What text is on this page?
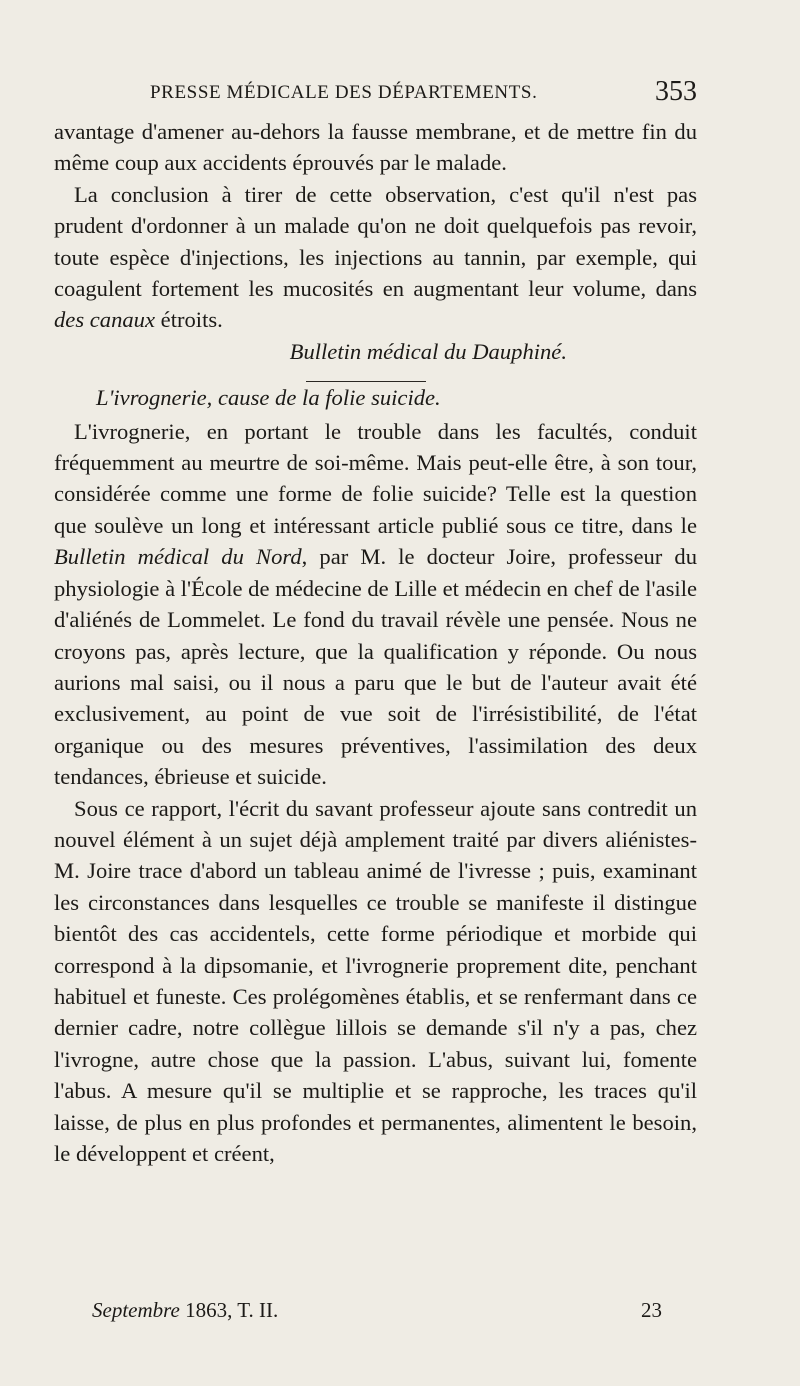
PRESSE MÉDICALE DES DÉPARTEMENTS.	353

avantage d'amener au-dehors la fausse membrane, et de mettre fin du même coup aux accidents éprouvés par le malade.

La conclusion à tirer de cette observation, c'est qu'il n'est pas prudent d'ordonner à un malade qu'on ne doit quelquefois pas revoir, toute espèce d'injections, les injections au tannin, par exemple, qui coagulent fortement les mucosités en augmentant leur volume, dans des canaux étroits.

Bulletin médical du Dauphiné.
L'ivrognerie, cause de la folie suicide.

L'ivrognerie, en portant le trouble dans les facultés, conduit fréquemment au meurtre de soi-même. Mais peut-elle être, à son tour, considérée comme une forme de folie suicide? Telle est la question que soulève un long et intéressant article publié sous ce titre, dans le Bulletin médical du Nord, par M. le docteur Joire, professeur du physiologie à l'École de médecine de Lille et médecin en chef de l'asile d'aliénés de Lommelet. Le fond du travail révèle une pensée. Nous ne croyons pas, après lecture, que la qualification y réponde. Ou nous aurions mal saisi, ou il nous a paru que le but de l'auteur avait été exclusivement, au point de vue soit de l'irrésistibilité, de l'état organique ou des mesures préventives, l'assimilation des deux tendances, ébrieuse et suicide.

Sous ce rapport, l'écrit du savant professeur ajoute sans contredit un nouvel élément à un sujet déjà amplement traité par divers aliénistes- M. Joire trace d'abord un tableau animé de l'ivresse ; puis, examinant les circonstances dans lesquelles ce trouble se manifeste il distingue bientôt des cas accidentels, cette forme périodique et morbide qui correspond à la dipsomanie, et l'ivrognerie proprement dite, penchant habituel et funeste. Ces prolégomènes établis, et se renfermant dans ce dernier cadre, notre collègue lillois se demande s'il n'y a pas, chez l'ivrogne, autre chose que la passion. L'abus, suivant lui, fomente l'abus. A mesure qu'il se multiplie et se rapproche, les traces qu'il laisse, de plus en plus profondes et permanentes, alimentent le besoin, le développent et créent,

Septembre 1863, T. II.	23
